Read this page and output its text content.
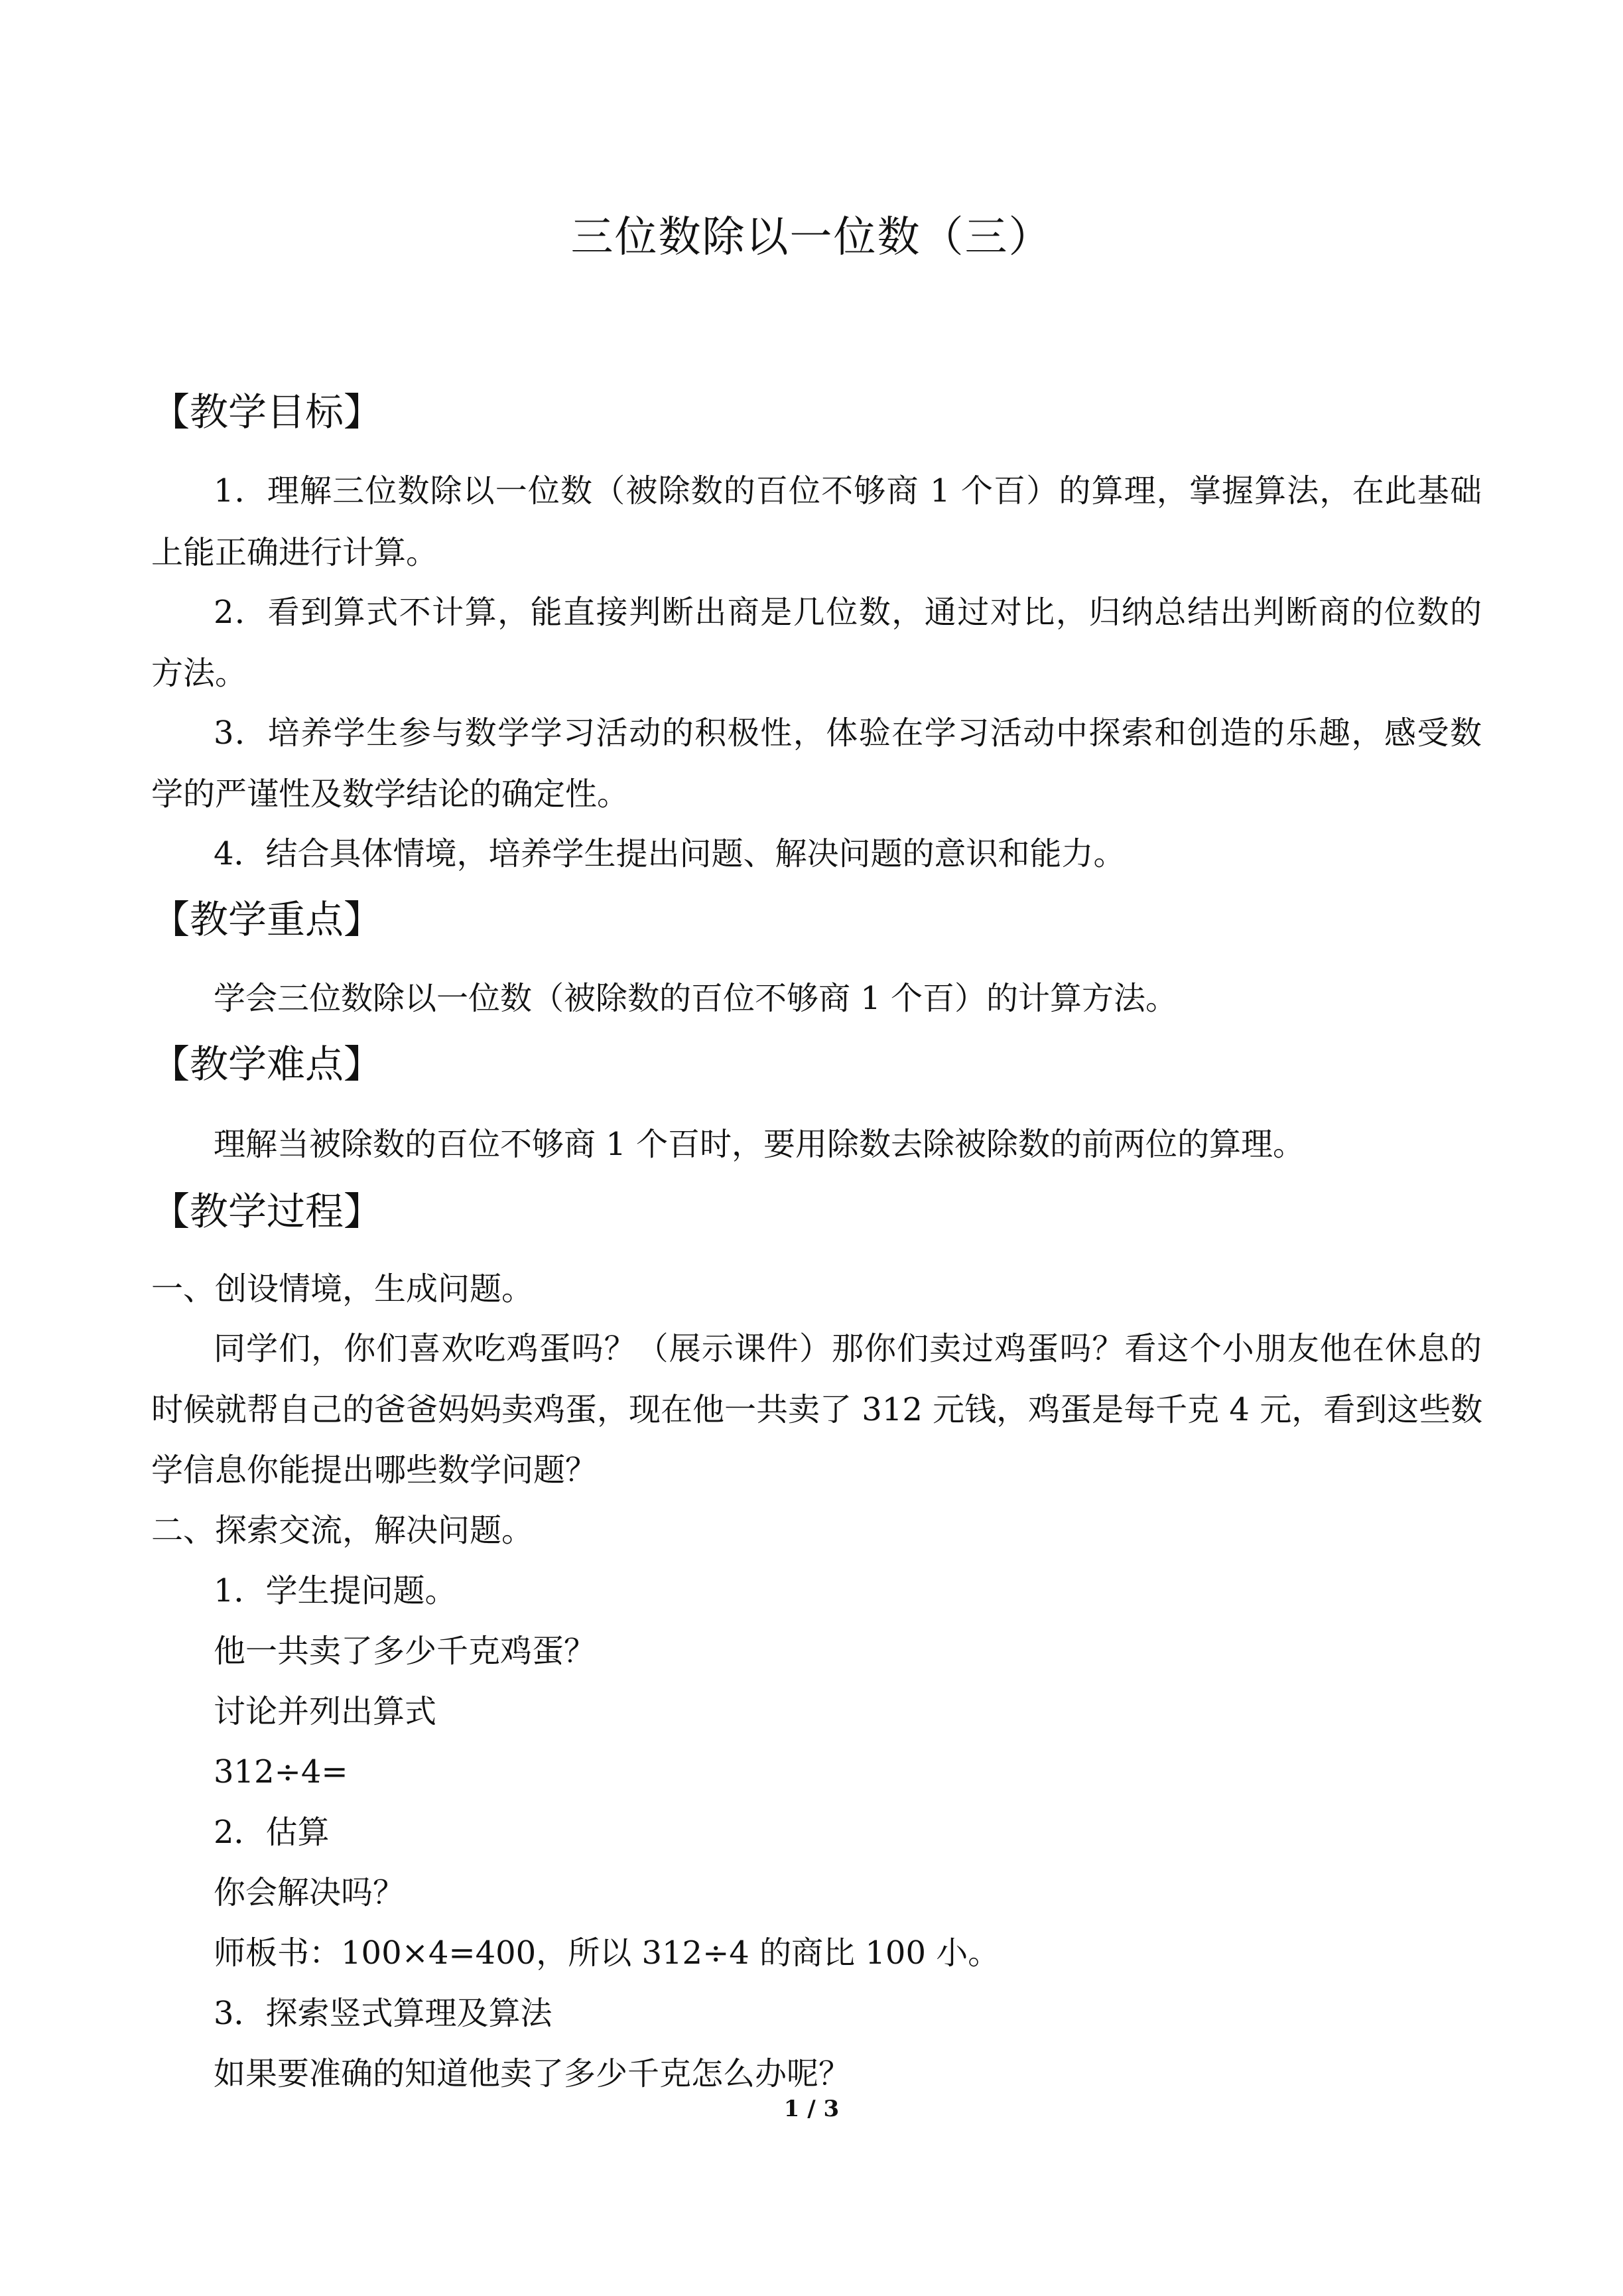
三位数除以一位数（三）
【教学目标】
1．理解三位数除以一位数（被除数的百位不够商 1 个百）的算理，掌握算法，在此基础
上能正确进行计算。
2．看到算式不计算，能直接判断出商是几位数，通过对比，归纳总结出判断商的位数的
方法。
3．培养学生参与数学学习活动的积极性，体验在学习活动中探索和创造的乐趣，感受数
学的严谨性及数学结论的确定性。
4．结合具体情境，培养学生提出问题、解决问题的意识和能力。
【教学重点】
学会三位数除以一位数（被除数的百位不够商 1 个百）的计算方法。
【教学难点】
理解当被除数的百位不够商 1 个百时，要用除数去除被除数的前两位的算理。
【教学过程】
一、创设情境，生成问题。
同学们，你们喜欢吃鸡蛋吗？（展示课件）那你们卖过鸡蛋吗？看这个小朋友他在休息的
时候就帮自己的爸爸妈妈卖鸡蛋，现在他一共卖了 312 元钱，鸡蛋是每千克 4 元，看到这些数
学信息你能提出哪些数学问题？
二、探索交流，解决问题。
1．学生提问题。
他一共卖了多少千克鸡蛋？
讨论并列出算式
312÷4=
2．估算
你会解决吗？
师板书：100×4=400，所以 312÷4 的商比 100 小。
3．探索竖式算理及算法
如果要准确的知道他卖了多少千克怎么办呢？
1 / 3
